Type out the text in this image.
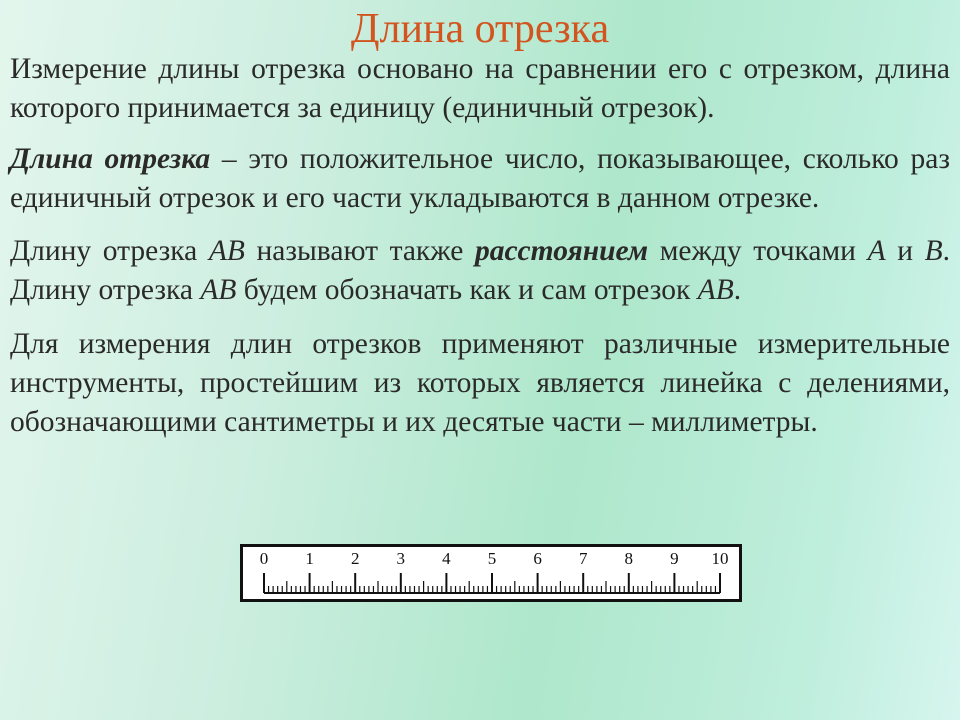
Длина отрезка

Измерение длины отрезка основано на сравнении его с отрезком, длина которого принимается за единицу (единичный отрезок).

Длина отрезка – это положительное число, показывающее, сколько раз единичный отрезок и его части укладываются в данном отрезке.

Длину отрезка АВ называют также расстоянием между точками А и В. Длину отрезка АВ будем обозначать как и сам отрезок АВ.

Для измерения длин отрезков применяют различные измерительные инструменты, простейшим из которых является линейка с делениями, обозначающими сантиметры и их десятые части – миллиметры.

0 1 2 3 4 5 6 7 8 9 10
